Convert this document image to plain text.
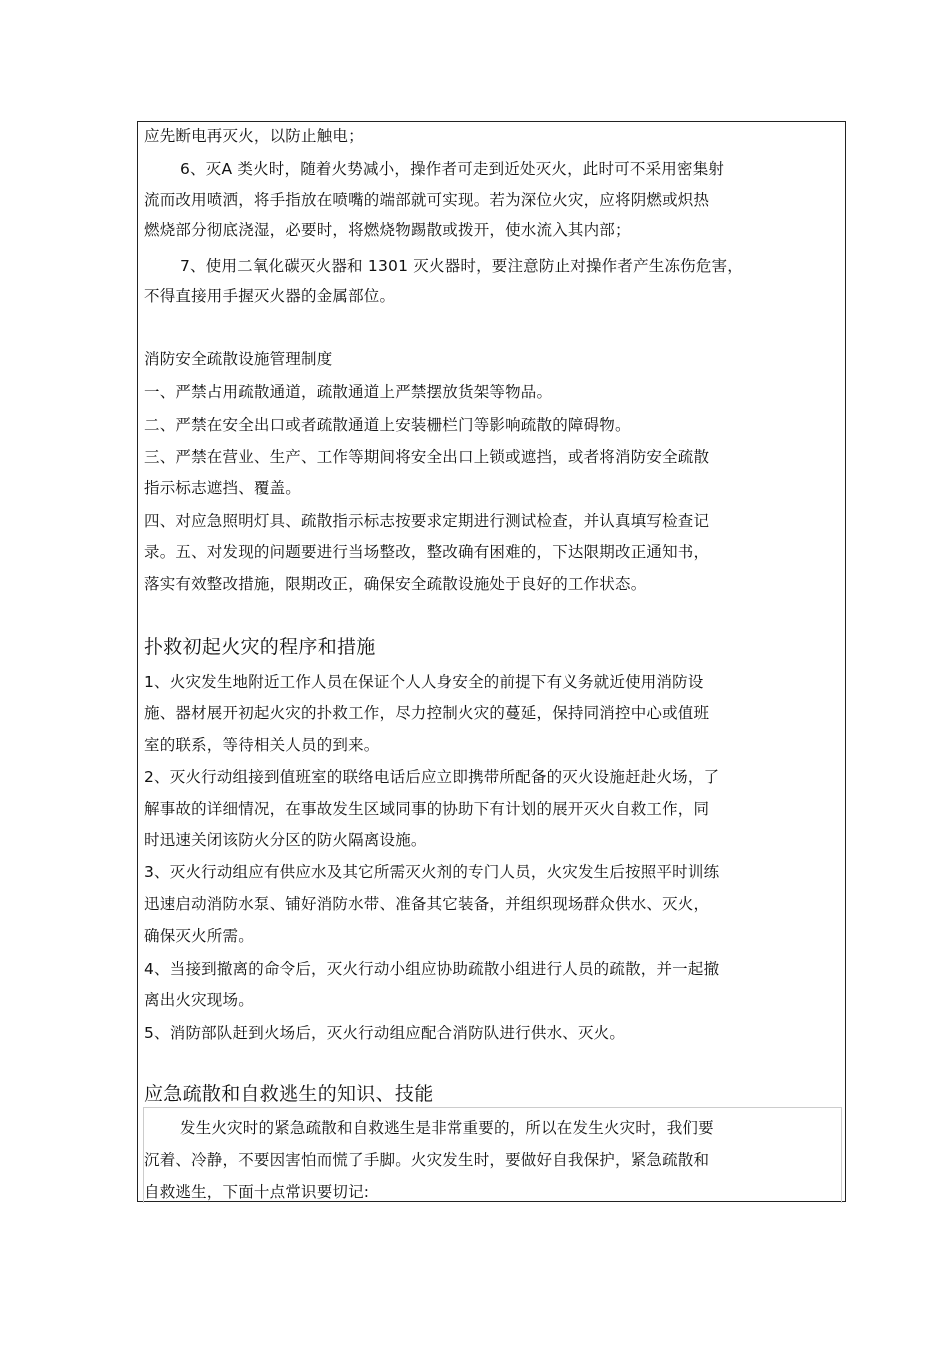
应先断电再灭火，以防止触电；
6、灭A 类火时，随着火势减小，操作者可走到近处灭火，此时可不采用密集射
流而改用喷洒，将手指放在喷嘴的端部就可实现。若为深位火灾，应将阴燃或炽热
燃烧部分彻底浇湿，必要时，将燃烧物踢散或拨开，使水流入其内部；
7、使用二氧化碳灭火器和 1301 灭火器时，要注意防止对操作者产生冻伤危害，
不得直接用手握灭火器的金属部位。
消防安全疏散设施管理制度
一、严禁占用疏散通道，疏散通道上严禁摆放货架等物品。
二、严禁在安全出口或者疏散通道上安装栅栏门等影响疏散的障碍物。
三、严禁在营业、生产、工作等期间将安全出口上锁或遮挡，或者将消防安全疏散
指示标志遮挡、覆盖。
四、对应急照明灯具、疏散指示标志按要求定期进行测试检查，并认真填写检查记
录。五、对发现的问题要进行当场整改，整改确有困难的，下达限期改正通知书，
落实有效整改措施，限期改正，确保安全疏散设施处于良好的工作状态。
扑救初起火灾的程序和措施
1、火灾发生地附近工作人员在保证个人人身安全的前提下有义务就近使用消防设
施、器材展开初起火灾的扑救工作，尽力控制火灾的蔓延，保持同消控中心或值班
室的联系，等待相关人员的到来。
2、灭火行动组接到值班室的联络电话后应立即携带所配备的灭火设施赶赴火场，了
解事故的详细情况，在事故发生区域同事的协助下有计划的展开灭火自救工作，同
时迅速关闭该防火分区的防火隔离设施。
3、灭火行动组应有供应水及其它所需灭火剂的专门人员，火灾发生后按照平时训练
迅速启动消防水泵、铺好消防水带、准备其它装备，并组织现场群众供水、灭火，
确保灭火所需。
4、当接到撤离的命令后，灭火行动小组应协助疏散小组进行人员的疏散，并一起撤
离出火灾现场。
5、消防部队赶到火场后，灭火行动组应配合消防队进行供水、灭火。
应急疏散和自救逃生的知识、技能
发生火灾时的紧急疏散和自救逃生是非常重要的，所以在发生火灾时，我们要
沉着、冷静，不要因害怕而慌了手脚。火灾发生时，要做好自我保护，紧急疏散和
自救逃生，下面十点常识要切记:
